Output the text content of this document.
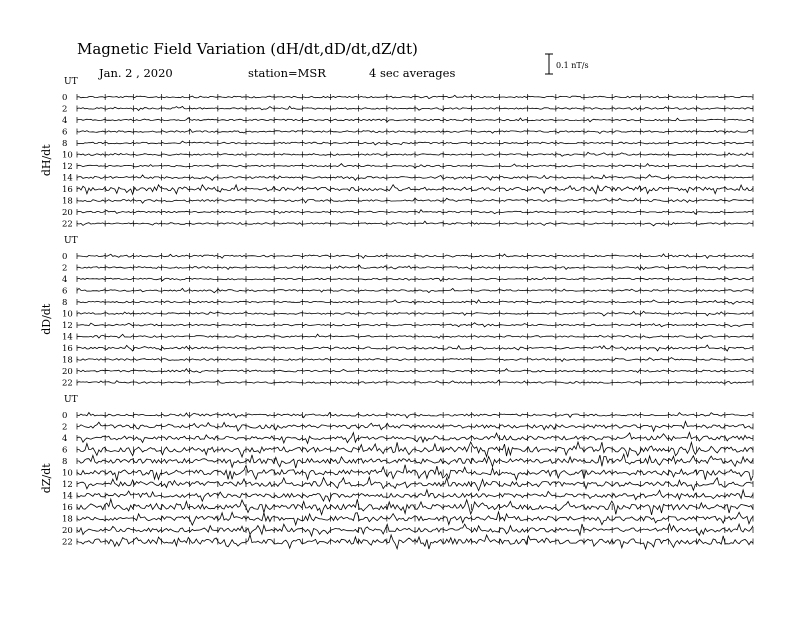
Magnetic Field Variation (dH/dt,dD/dt,dZ/dt)
Jan. 2 , 2020	station=MSR	4 sec averages
0.1 nT/s
UT
dH/dt
0
2
4
6
8
10
12
14
16
18
20
22
UT
dD/dt
0
2
4
6
8
10
12
14
16
18
20
22
UT
dZ/dt
0
2
4
6
8
10
12
14
16
18
20
22
